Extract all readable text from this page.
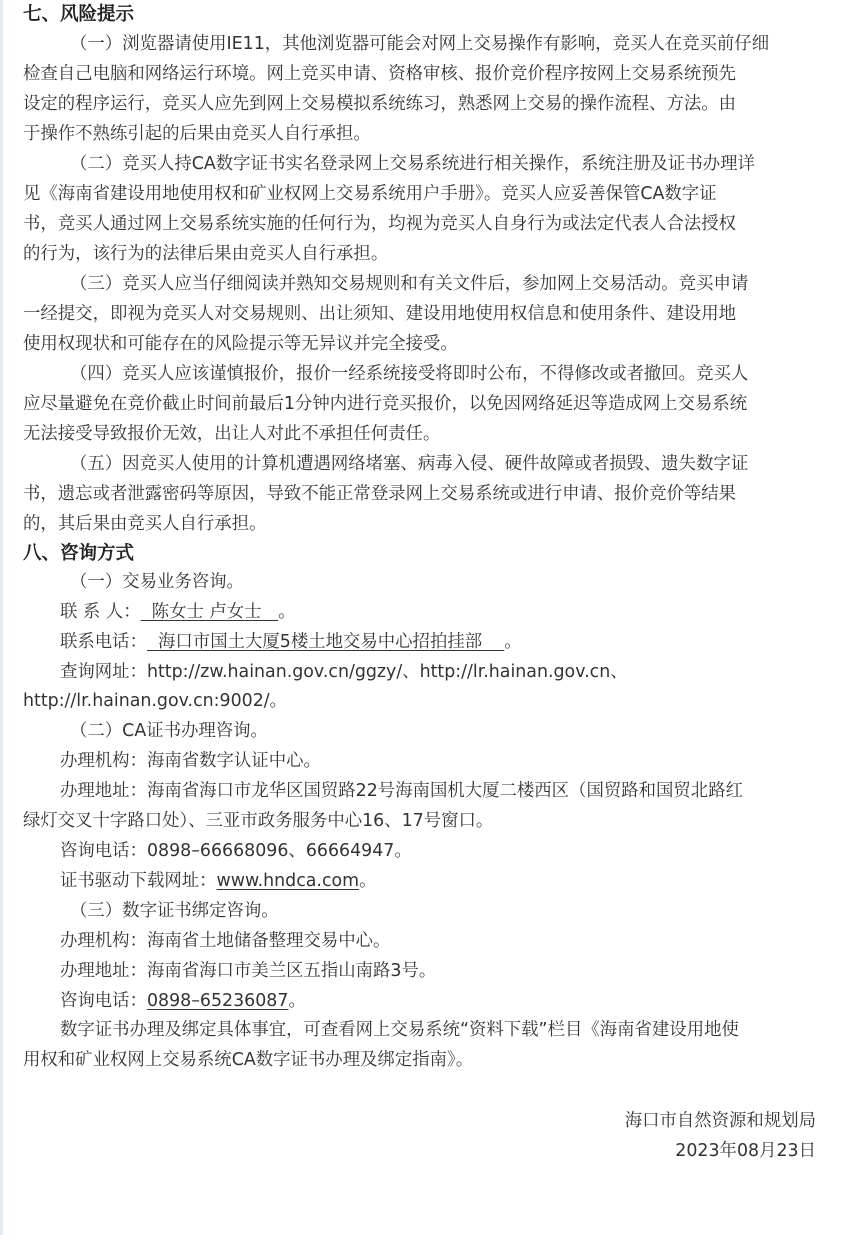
七、风险提示
（一）浏览器请使用IE11，其他浏览器可能会对网上交易操作有影响，竞买人在竞买前仔细
检查自己电脑和网络运行环境。网上竞买申请、资格审核、报价竞价程序按网上交易系统预先
设定的程序运行，竞买人应先到网上交易模拟系统练习，熟悉网上交易的操作流程、方法。由
于操作不熟练引起的后果由竞买人自行承担。
（二）竞买人持CA数字证书实名登录网上交易系统进行相关操作，系统注册及证书办理详
见《海南省建设用地使用权和矿业权网上交易系统用户手册》。竞买人应妥善保管CA数字证
书，竞买人通过网上交易系统实施的任何行为，均视为竞买人自身行为或法定代表人合法授权
的行为，该行为的法律后果由竞买人自行承担。
（三）竞买人应当仔细阅读并熟知交易规则和有关文件后，参加网上交易活动。竞买申请
一经提交，即视为竞买人对交易规则、出让须知、建设用地使用权信息和使用条件、建设用地
使用权现状和可能存在的风险提示等无异议并完全接受。
（四）竞买人应该谨慎报价，报价一经系统接受将即时公布，不得修改或者撤回。竞买人
应尽量避免在竞价截止时间前最后1分钟内进行竞买报价，以免因网络延迟等造成网上交易系统
无法接受导致报价无效，出让人对此不承担任何责任。
（五）因竞买人使用的计算机遭遇网络堵塞、病毒入侵、硬件故障或者损毁、遗失数字证
书，遗忘或者泄露密码等原因，导致不能正常登录网上交易系统或进行申请、报价竞价等结果
的，其后果由竞买人自行承担。
八、咨询方式
（一）交易业务咨询。
联 系 人：  陈女士 卢女士   。
联系电话：  海口市国土大厦5楼土地交易中心招拍挂部    。
查询网址：http://zw.hainan.gov.cn/ggzy/、http://lr.hainan.gov.cn、
http://lr.hainan.gov.cn:9002/。
（二）CA证书办理咨询。
办理机构：海南省数字认证中心。
办理地址：海南省海口市龙华区国贸路22号海南国机大厦二楼西区（国贸路和国贸北路红
绿灯交叉十字路口处）、三亚市政务服务中心16、17号窗口。
咨询电话：0898–66668096、66664947。
证书驱动下载网址：www.hndca.com。
（三）数字证书绑定咨询。
办理机构：海南省土地储备整理交易中心。
办理地址：海南省海口市美兰区五指山南路3号。
咨询电话：0898–65236087。
数字证书办理及绑定具体事宜，可查看网上交易系统“资料下载”栏目《海南省建设用地使
用权和矿业权网上交易系统CA数字证书办理及绑定指南》。
海口市自然资源和规划局
2023年08月23日
